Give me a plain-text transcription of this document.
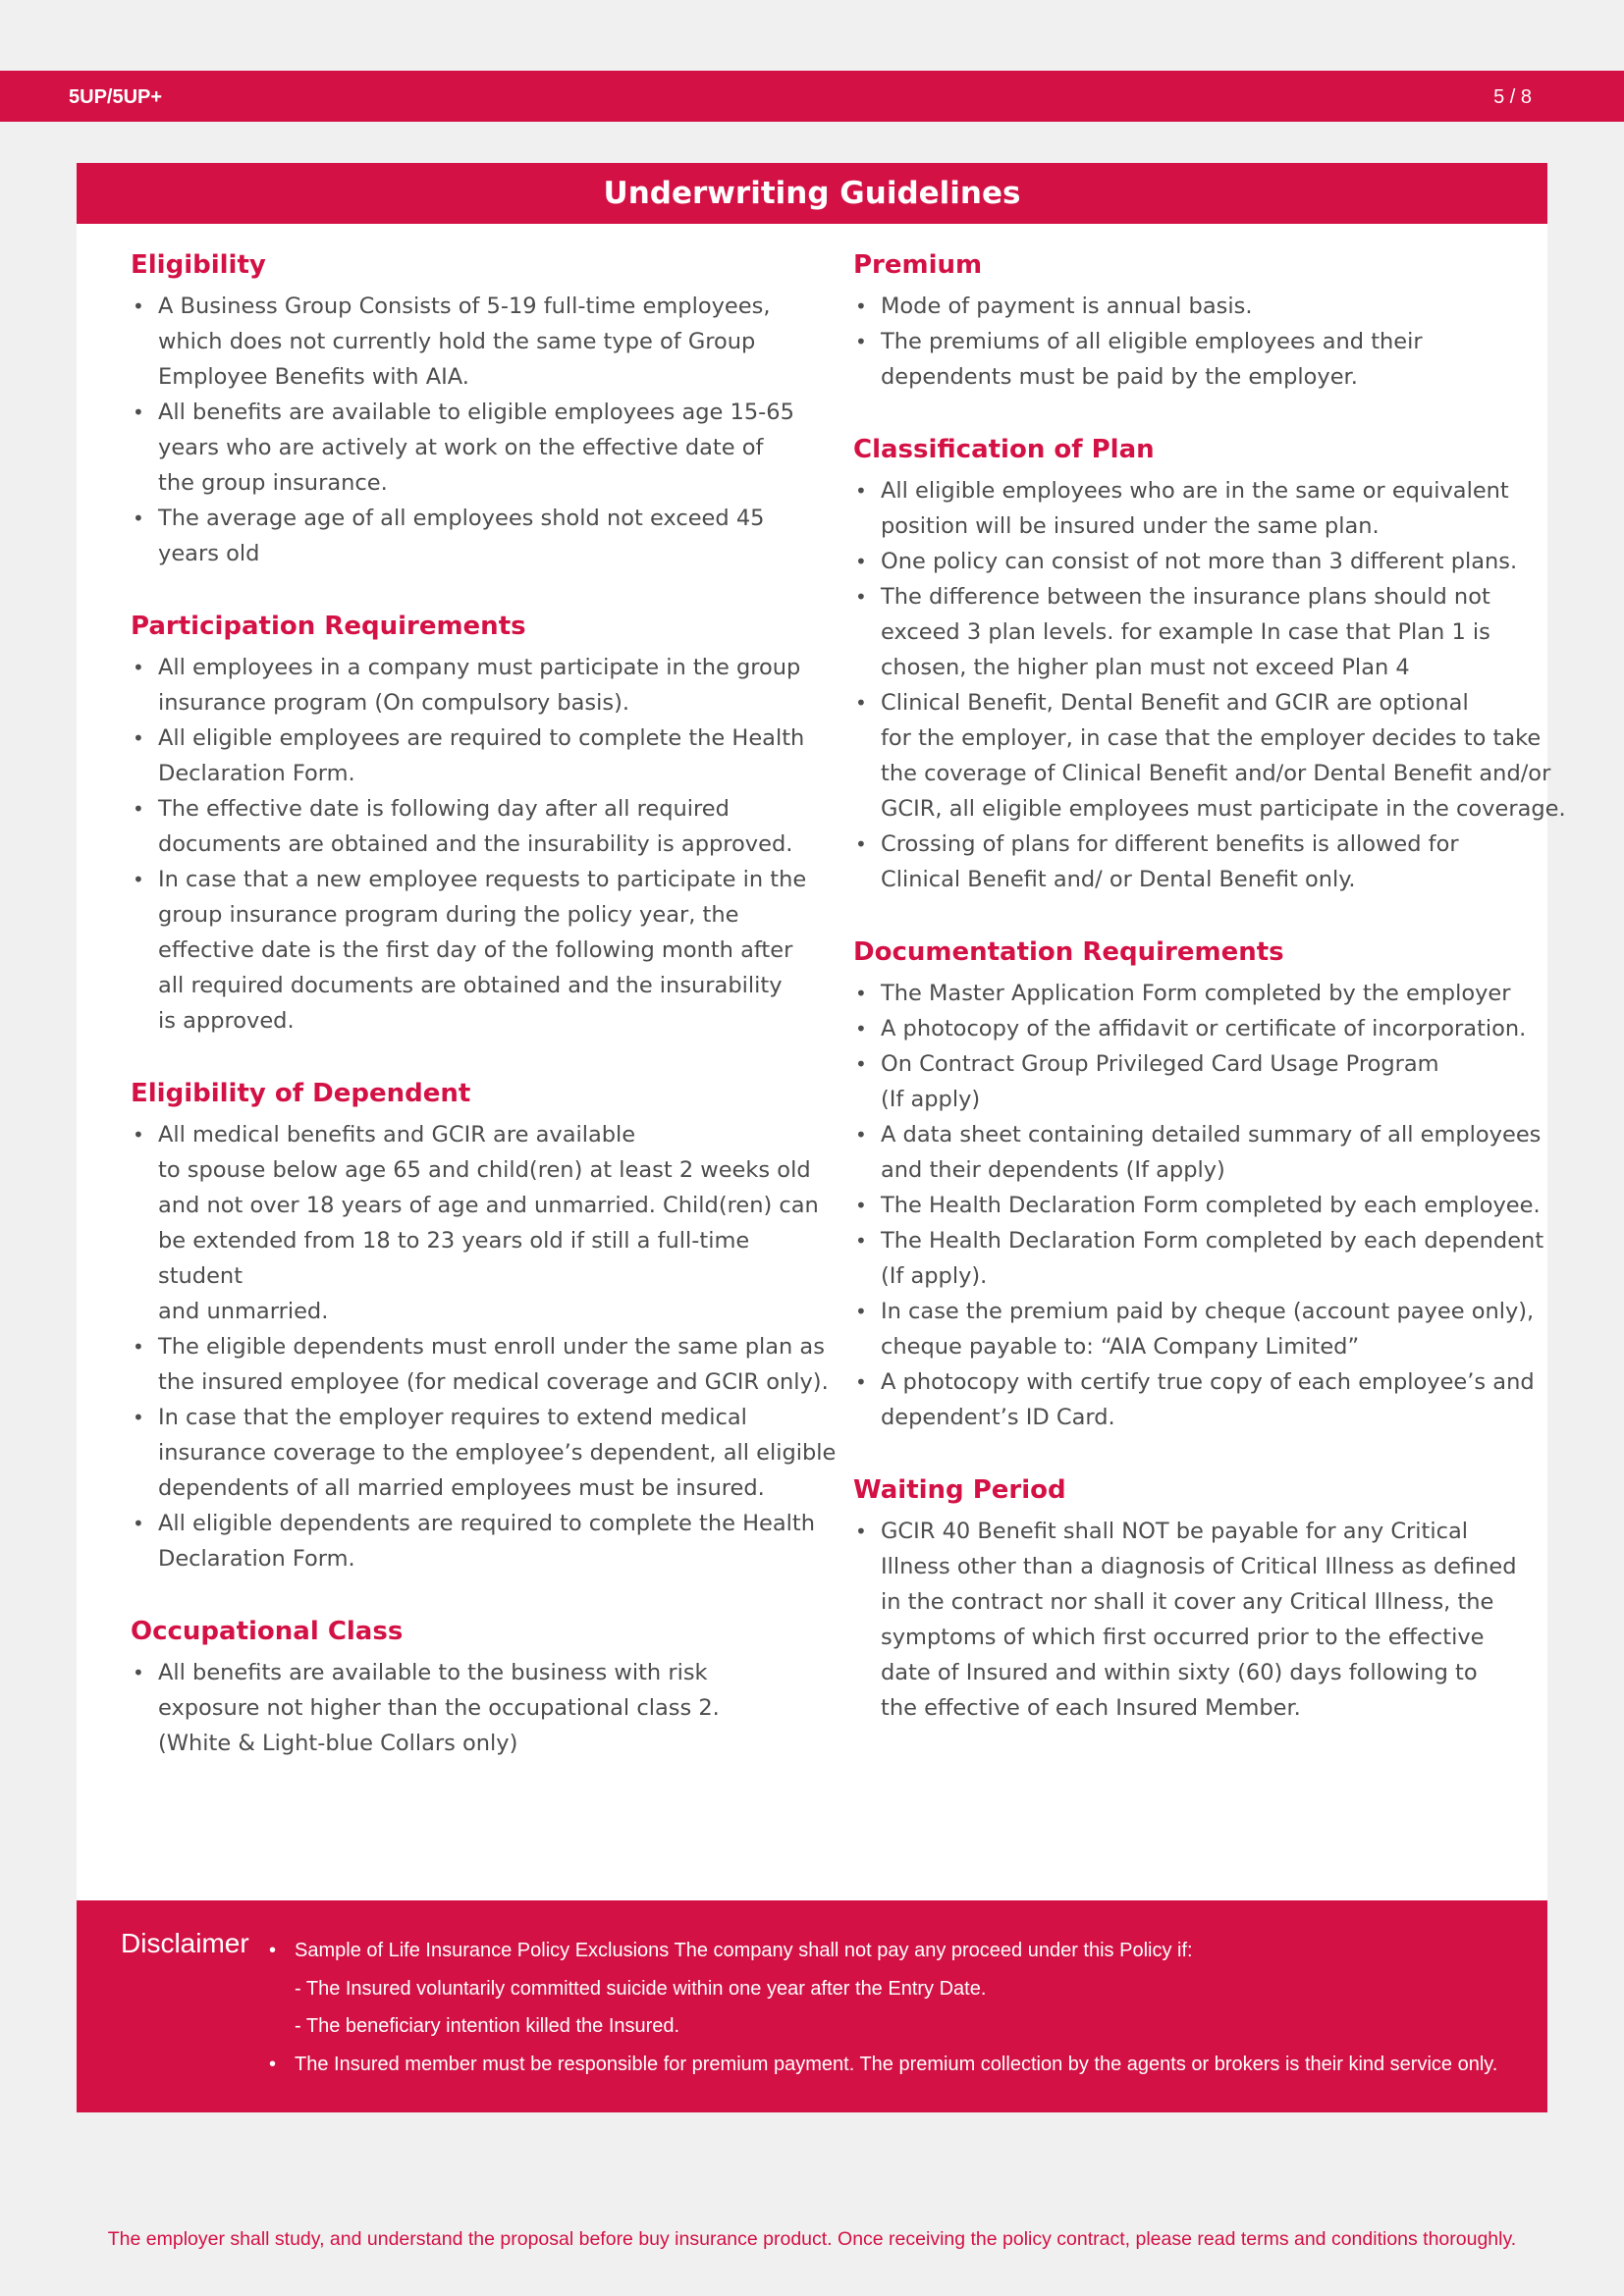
5UP/5UP+	5 / 8
Underwriting Guidelines
Eligibility
• A Business Group Consists of 5-19 full-time employees,
which does not currently hold the same type of Group
Employee Benefits with AIA.
• All benefits are available to eligible employees age 15-65
years who are actively at work on the effective date of
the group insurance.
• The average age of all employees shold not exceed 45
years old
Participation Requirements
• All employees in a company must participate in the group
insurance program (On compulsory basis).
• All eligible employees are required to complete the Health
Declaration Form.
• The effective date is following day after all required
documents are obtained and the insurability is approved.
• In case that a new employee requests to participate in the
group insurance program during the policy year, the
effective date is the first day of the following month after
all required documents are obtained and the insurability
is approved.
Eligibility of Dependent
• All medical benefits and GCIR are available
to spouse below age 65 and child(ren) at least 2 weeks old
and not over 18 years of age and unmarried. Child(ren) can
be extended from 18 to 23 years old if still a full-time student
and unmarried.
• The eligible dependents must enroll under the same plan as
the insured employee (for medical coverage and GCIR only).
• In case that the employer requires to extend medical
insurance coverage to the employee’s dependent, all eligible
dependents of all married employees must be insured.
• All eligible dependents are required to complete the Health
Declaration Form.
Occupational Class
• All benefits are available to the business with risk
exposure not higher than the occupational class 2.
(White & Light-blue Collars only)
Premium
• Mode of payment is annual basis.
• The premiums of all eligible employees and their
dependents must be paid by the employer.
Classification of Plan
• All eligible employees who are in the same or equivalent
position will be insured under the same plan.
• One policy can consist of not more than 3 different plans.
• The difference between the insurance plans should not
exceed 3 plan levels. for example In case that Plan 1 is
chosen, the higher plan must not exceed Plan 4
• Clinical Benefit, Dental Benefit and GCIR are optional
for the employer, in case that the employer decides to take
the coverage of Clinical Benefit and/or Dental Benefit and/or
GCIR, all eligible employees must participate in the coverage.
• Crossing of plans for different benefits is allowed for
Clinical Benefit and/ or Dental Benefit only.
Documentation Requirements
• The Master Application Form completed by the employer
• A photocopy of the affidavit or certificate of incorporation.
• On Contract Group Privileged Card Usage Program
(If apply)
• A data sheet containing detailed summary of all employees
and their dependents (If apply)
• The Health Declaration Form completed by each employee.
• The Health Declaration Form completed by each dependent
(If apply).
• In case the premium paid by cheque (account payee only),
cheque payable to: “AIA Company Limited”
• A photocopy with certify true copy of each employee’s and
dependent’s ID Card.
Waiting Period
• GCIR 40 Benefit shall NOT be payable for any Critical
Illness other than a diagnosis of Critical Illness as defined
in the contract nor shall it cover any Critical Illness, the
symptoms of which first occurred prior to the effective
date of Insured and within sixty (60) days following to
the effective of each Insured Member.
Disclaimer
•	Sample of Life Insurance Policy Exclusions The company shall not pay any proceed under this Policy if:
- The Insured voluntarily committed suicide within one year after the Entry Date.
- The beneficiary intention killed the Insured.
• The Insured member must be responsible for premium payment. The premium collection by the agents or brokers is their kind service only.
The employer shall study, and understand the proposal before buy insurance product. Once receiving the policy contract, please read terms and conditions thoroughly.
